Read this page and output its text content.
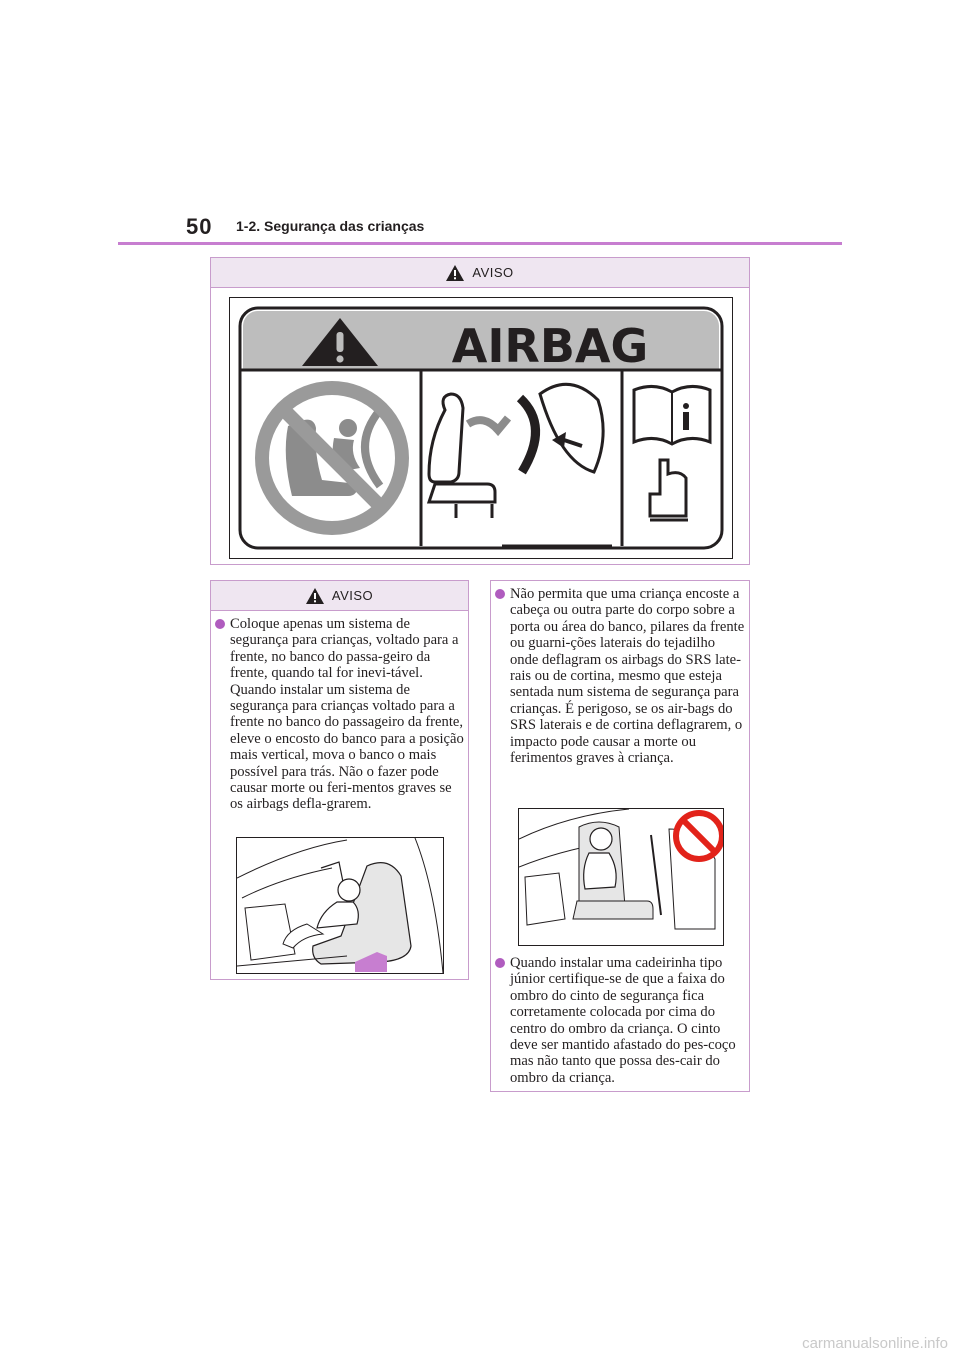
50 1-2. Segurança das crianças
AVISO
AIRBAG
AVISO

Coloque apenas um sistema de segurança para crianças, voltado para a frente, no banco do passa-geiro da frente, quando tal for inevi-tável. Quando instalar um sistema de segurança para crianças voltado para a frente no banco do passageiro da frente, eleve o encosto do banco para a posição mais vertical, mova o banco o mais possível para trás. Não o fazer pode causar morte ou feri-mentos graves se os airbags defla-grarem.

Não permita que uma criança encoste a cabeça ou outra parte do corpo sobre a porta ou área do banco, pilares da frente ou guarni-ções laterais do tejadilho onde deflagram os airbags do SRS late-rais ou de cortina, mesmo que esteja sentada num sistema de segurança para crianças. É perigoso, se os air-bags do SRS laterais e de cortina deflagrarem, o impacto pode causar a morte ou ferimentos graves à criança.

Quando instalar uma cadeirinha tipo júnior certifique-se de que a faixa do ombro do cinto de segurança fica corretamente colocada por cima do centro do ombro da criança. O cinto deve ser mantido afastado do pes-coço mas não tanto que possa des-cair do ombro da criança.

carmanualsonline.info
